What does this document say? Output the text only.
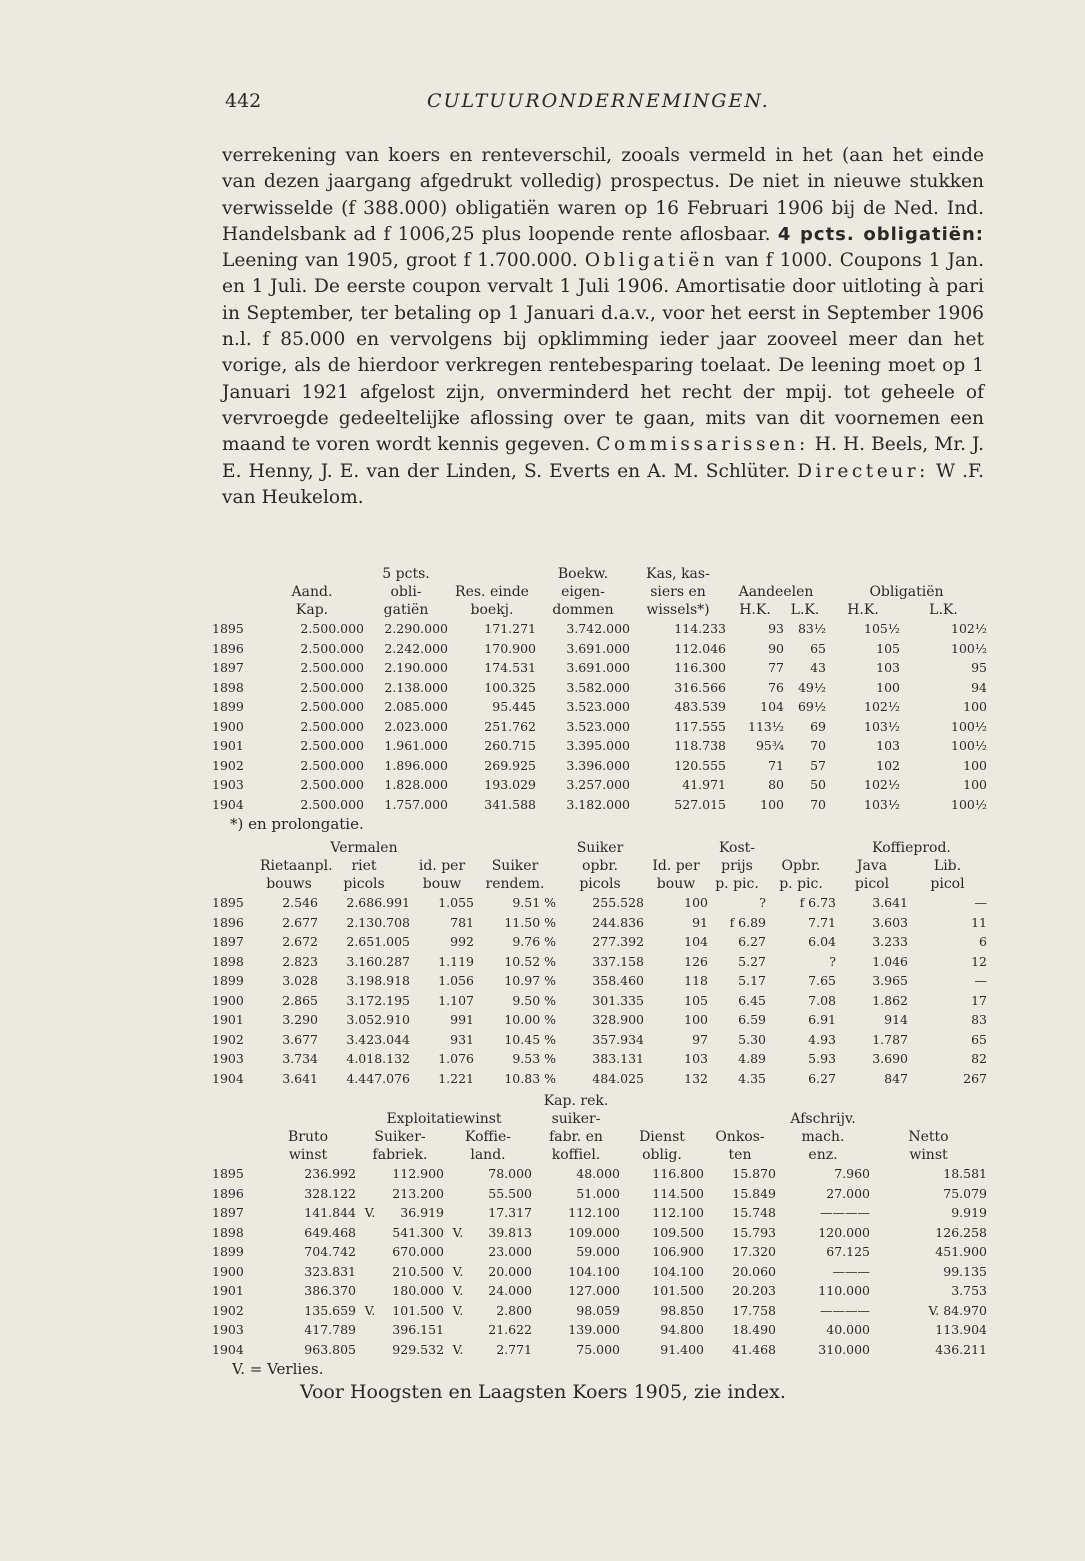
442	CULTUURONDERNEMINGEN.
verrekening van koers en renteverschil, zooals vermeld in het (aan het einde van dezen jaargang afgedrukt volledig) prospectus. De niet in nieuwe stukken verwisselde (f 388.000) obligatiën waren op 16 Februari 1906 bij de Ned. Ind. Handelsbank ad f 1006,25 plus loopende rente aflosbaar. 4 pcts. obligatiën: Leening van 1905, groot f 1.700.000. Obligatiën van f 1000. Coupons 1 Jan. en 1 Juli. De eerste coupon vervalt 1 Juli 1906. Amortisatie door uitloting à pari in September, ter betaling op 1 Januari d.a.v., voor het eerst in September 1906 n.l. f 85.000 en vervolgens bij opklimming ieder jaar zooveel meer dan het vorige, als de hierdoor verkregen rentebesparing toelaat. De leening moet op 1 Januari 1921 afgelost zijn, onverminderd het recht der mpij. tot geheele of vervroegde gedeeltelijke aflossing over te gaan, mits van dit voornemen een maand te voren wordt kennis gegeven. Commissarissen: H. H. Beels, Mr. J. E. Henny, J. E. van der Linden, S. Everts en A. M. Schlüter. Directeur: W .F. van Heukelom.
		5 pcts.		Boekw.	Kas, kas-				
	Aand.	obli-	Res. einde	eigen-	siers en	Aandeelen		Obligatiën	
	Kap.	gatiën	boekj.	dommen	wissels*)	H.K.	L.K.	H.K.	L.K.
1895	2.500.000	2.290.000	171.271	3.742.000	114.233	93	83½	105½	102½
1896	2.500.000	2.242.000	170.900	3.691.000	112.046	90	65	105	100½
1897	2.500.000	2.190.000	174.531	3.691.000	116.300	77	43	103	95
1898	2.500.000	2.138.000	100.325	3.582.000	316.566	76	49½	100	94
1899	2.500.000	2.085.000	95.445	3.523.000	483.539	104	69½	102½	100
1900	2.500.000	2.023.000	251.762	3.523.000	117.555	113½	69	103½	100½
1901	2.500.000	1.961.000	260.715	3.395.000	118.738	95¾	70	103	100½
1902	2.500.000	1.896.000	269.925	3.396.000	120.555	71	57	102	100
1903	2.500.000	1.828.000	193.029	3.257.000	41.971	80	50	102½	100
1904	2.500.000	1.757.000	341.588	3.182.000	527.015	100	70	103½	100½
*) en prolongatie.
		Vermalen			Suiker		Kost-		Koffieprod.	
	Rietaanpl.	riet	id. per	Suiker	opbr.	Id. per	prijs	Opbr.	Java	Lib.
	bouws	picols	bouw	rendem.	picols	bouw	p. pic.	p. pic.	picol	picol
1895	2.546	2.686.991	1.055	9.51 %	255.528	100	?	f 6.73	3.641	—
1896	2.677	2.130.708	781	11.50 %	244.836	91	f 6.89	7.71	3.603	11
1897	2.672	2.651.005	992	9.76 %	277.392	104	6.27	6.04	3.233	6
1898	2.823	3.160.287	1.119	10.52 %	337.158	126	5.27	?	1.046	12
1899	3.028	3.198.918	1.056	10.97 %	358.460	118	5.17	7.65	3.965	—
1900	2.865	3.172.195	1.107	9.50 %	301.335	105	6.45	7.08	1.862	17
1901	3.290	3.052.910	991	10.00 %	328.900	100	6.59	6.91	914	83
1902	3.677	3.423.044	931	10.45 %	357.934	97	5.30	4.93	1.787	65
1903	3.734	4.018.132	1.076	9.53 %	383.131	103	4.89	5.93	3.690	82
1904	3.641	4.447.076	1.221	10.83 %	484.025	132	4.35	6.27	847	267
						Kap. rek.				
		Exploitatiewinst				suiker-			Afschrijv.	
	Bruto	Suiker-		Koffie-		fabr. en	Dienst	Onkos-	mach.	Netto
	winst	fabriek.		land.		koffiel.	oblig.	ten	enz.	winst
1895	236.992		112.900		78.000	48.000	116.800	15.870	7.960	18.581
1896	328.122		213.200		55.500	51.000	114.500	15.849	27.000	75.079
1897	141.844	V.	36.919		17.317	112.100	112.100	15.748	————	9.919
1898	649.468		541.300	V.	39.813	109.000	109.500	15.793	120.000	126.258
1899	704.742		670.000		23.000	59.000	106.900	17.320	67.125	451.900
1900	323.831		210.500	V.	20.000	104.100	104.100	20.060	———	99.135
1901	386.370		180.000	V.	24.000	127.000	101.500	20.203	110.000	3.753
1902	135.659	V.	101.500	V.	2.800	98.059	98.850	17.758	————	V. 84.970
1903	417.789		396.151		21.622	139.000	94.800	18.490	40.000	113.904
1904	963.805		929.532	V.	2.771	75.000	91.400	41.468	310.000	436.211
V. = Verlies.
Voor Hoogsten en Laagsten Koers 1905, zie index.
